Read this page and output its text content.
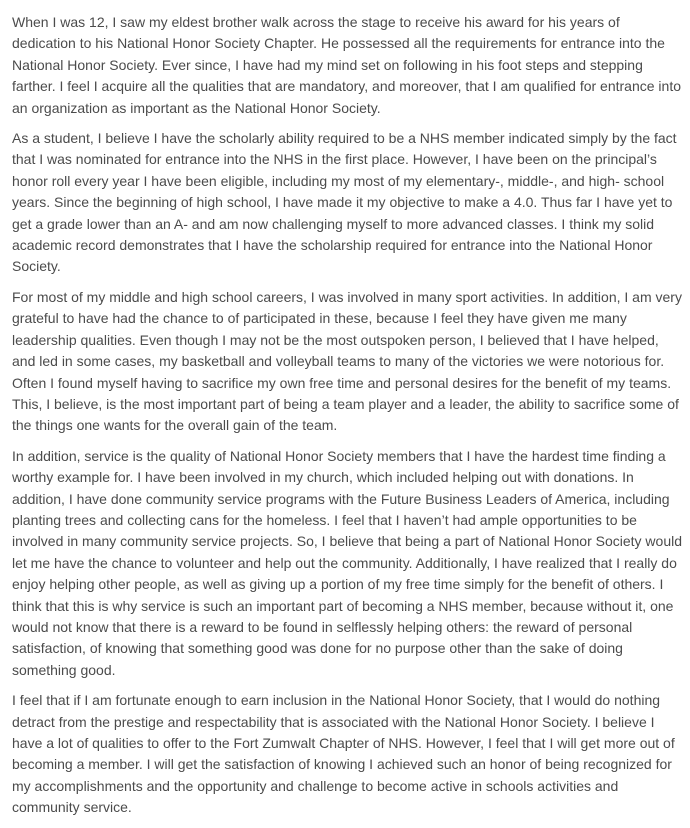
When I was 12, I saw my eldest brother walk across the stage to receive his award for his years of dedication to his National Honor Society Chapter. He possessed all the requirements for entrance into the National Honor Society. Ever since, I have had my mind set on following in his foot steps and stepping farther. I feel I acquire all the qualities that are mandatory, and moreover, that I am qualified for entrance into an organization as important as the National Honor Society.

As a student, I believe I have the scholarly ability required to be a NHS member indicated simply by the fact that I was nominated for entrance into the NHS in the first place. However, I have been on the principal’s honor roll every year I have been eligible, including my most of my elementary-, middle-, and high- school years. Since the beginning of high school, I have made it my objective to make a 4.0. Thus far I have yet to get a grade lower than an A- and am now challenging myself to more advanced classes. I think my solid academic record demonstrates that I have the scholarship required for entrance into the National Honor Society.

For most of my middle and high school careers, I was involved in many sport activities. In addition, I am very grateful to have had the chance to of participated in these, because I feel they have given me many leadership qualities. Even though I may not be the most outspoken person, I believed that I have helped, and led in some cases, my basketball and volleyball teams to many of the victories we were notorious for. Often I found myself having to sacrifice my own free time and personal desires for the benefit of my teams. This, I believe, is the most important part of being a team player and a leader, the ability to sacrifice some of the things one wants for the overall gain of the team.

In addition, service is the quality of National Honor Society members that I have the hardest time finding a worthy example for. I have been involved in my church, which included helping out with donations. In addition, I have done community service programs with the Future Business Leaders of America, including planting trees and collecting cans for the homeless. I feel that I haven’t had ample opportunities to be involved in many community service projects. So, I believe that being a part of National Honor Society would let me have the chance to volunteer and help out the community. Additionally, I have realized that I really do enjoy helping other people, as well as giving up a portion of my free time simply for the benefit of others. I think that this is why service is such an important part of becoming a NHS member, because without it, one would not know that there is a reward to be found in selflessly helping others: the reward of personal satisfaction, of knowing that something good was done for no purpose other than the sake of doing something good.

I feel that if I am fortunate enough to earn inclusion in the National Honor Society, that I would do nothing detract from the prestige and respectability that is associated with the National Honor Society. I believe I have a lot of qualities to offer to the Fort Zumwalt Chapter of NHS. However, I feel that I will get more out of becoming a member. I will get the satisfaction of knowing I achieved such an honor of being recognized for my accomplishments and the opportunity and challenge to become active in schools activities and community service.
